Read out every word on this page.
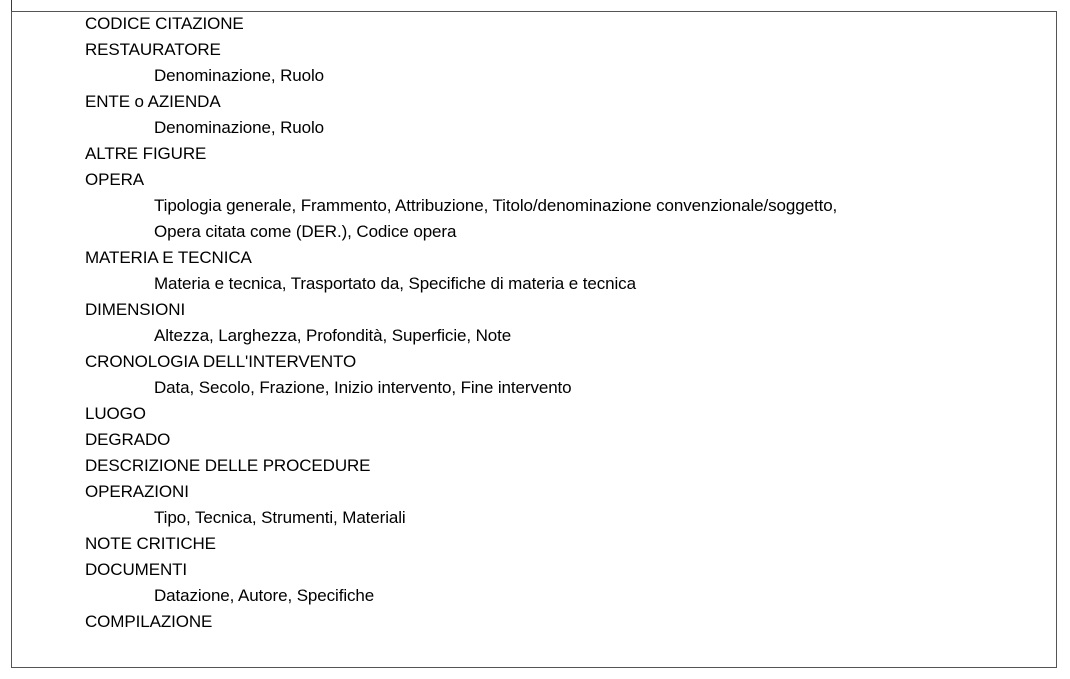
CODICE CITAZIONE
RESTAURATORE
Denominazione, Ruolo
ENTE o AZIENDA
Denominazione, Ruolo
ALTRE FIGURE
OPERA
Tipologia generale, Frammento, Attribuzione, Titolo/denominazione convenzionale/soggetto,
Opera citata come (DER.), Codice opera
MATERIA E TECNICA
Materia e tecnica, Trasportato da, Specifiche di materia e tecnica
DIMENSIONI
Altezza, Larghezza, Profondità, Superficie, Note
CRONOLOGIA DELL'INTERVENTO
Data, Secolo, Frazione, Inizio intervento, Fine intervento
LUOGO
DEGRADO
DESCRIZIONE DELLE PROCEDURE
OPERAZIONI
Tipo, Tecnica, Strumenti, Materiali
NOTE CRITICHE
DOCUMENTI
Datazione, Autore, Specifiche
COMPILAZIONE
